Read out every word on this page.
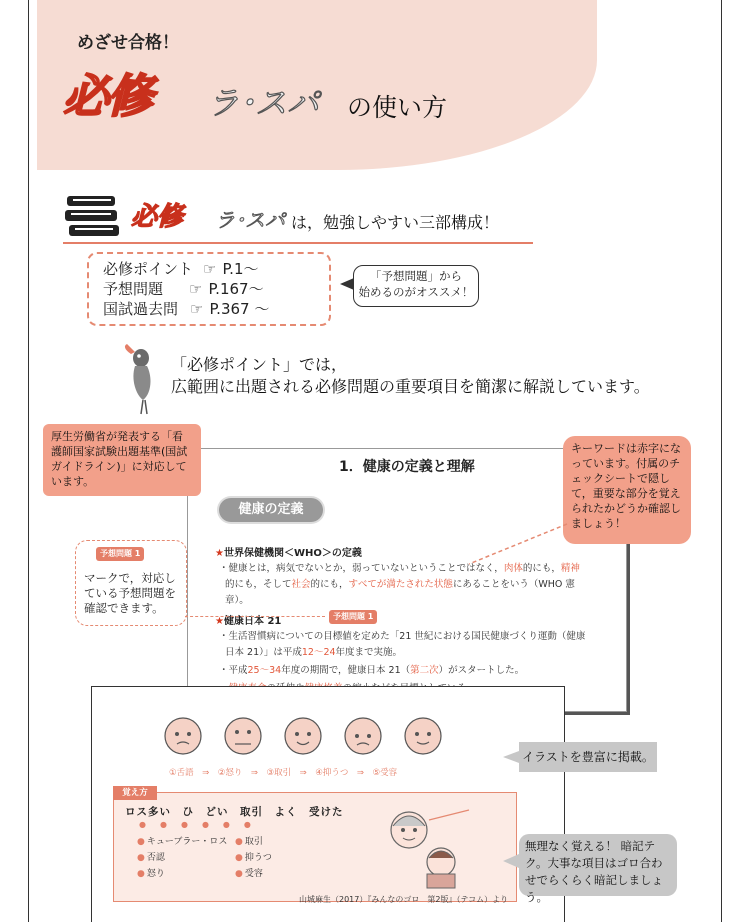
めざせ合格！
必修 ラ･スパ の使い方
必修 ラ･スパ は，勉強しやすい三部構成！
必修ポイント ☞ P.1～
予想問題 ☞ P.167～
国試過去問 ☞ P.367 ～
「予想問題」から
始めるのがオススメ！
「必修ポイント」では，
広範囲に出題される必修問題の重要項目を簡潔に解説しています。
1．健康の定義と理解
健康の定義
★世界保健機関＜WHO＞の定義
・健康とは，病気でないとか，弱っていないということではなく，肉体的にも，精神
的にも，そして社会的にも，すべてが満たされた状態にあることをいう（WHO 憲
章）。
★健康日本 21	予想問題 1
・生活習慣病についての目標値を定めた「21 世紀における国民健康づくり運動（健康
日本 21）」は平成12～24年度まで実施。
・平成25～34年度の期間で，健康日本 21（第二次）がスタートした。
厚生労働省が発表する「看護師国家試験出題基準(国試ガイドライン)」に対応しています。
キーワードは赤字になっています。付属のチェックシートで隠して，重要な部分を覚えられたかどうか確認しましょう！
予想問題 1
マークで，対応している予想問題を確認できます。
①舌語　⇒　②怒り　⇒　③取引　⇒　④抑うつ　⇒　⑤受容
覚え方
ロス多い　ひ　どい　取引　よく　受けた
●●●●●●
● キューブラー・ロス
● 否認
● 怒り
● 取引
● 抑うつ
● 受容
山城麻生（2017）『みんなのゴロ　第2版』（テコム）より
イラストを豊富に掲載。
無理なく覚える！ 暗記テク。大事な項目はゴロ合わせでらくらく暗記しましょう。
